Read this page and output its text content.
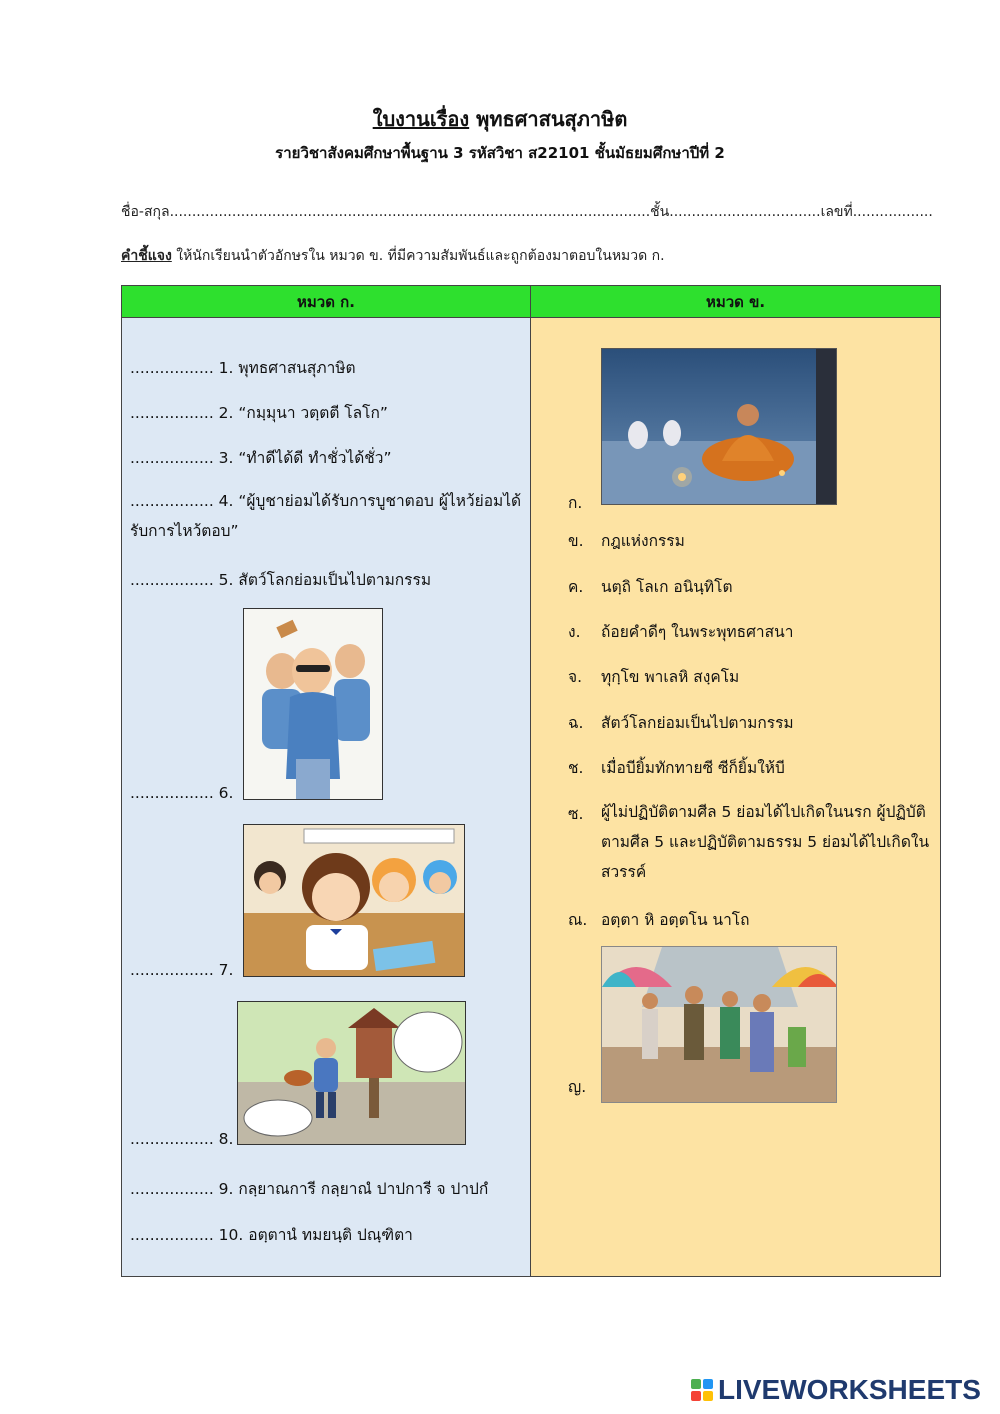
ใบงานเรื่อง พุทธศาสนสุภาษิต
รายวิชาสังคมศึกษาพื้นฐาน 3 รหัสวิชา ส22101 ชั้นมัธยมศึกษาปีที่ 2
ชื่อ-สกุล............................................................................................................ชั้น..................................เลขที่..................
คำชี้แจง ให้นักเรียนนำตัวอักษรใน หมวด ข. ที่มีความสัมพันธ์และถูกต้องมาตอบในหมวด ก.
หมวด ก.	หมวด ข.
................. 1. พุทธศาสนสุภาษิต
................. 2. “กมฺมุนา วตฺตตี โลโก”
................. 3. “ทำดีได้ดี ทำชั่วได้ชั่ว”
................. 4. “ผู้บูชาย่อมได้รับการบูชาตอบ ผู้ไหว้ย่อมได้รับการไหว้ตอบ”
................. 5. สัตว์โลกย่อมเป็นไปตามกรรม
................. 6.
................. 7.
................. 8.
................. 9. กลฺยาณการี กลฺยาณํ ปาปการี จ ปาปกํ
................. 10. อตฺตานํ ทมยนฺติ ปณฺฑิตา
ก.
ข.	กฎแห่งกรรม
ค.	นตฺถิ โลเก อนินฺทิโต
ง.	ถ้อยคำดีๆ ในพระพุทธศาสนา
จ.	ทุกฺโข พาเลหิ สงฺคโม
ฉ.	สัตว์โลกย่อมเป็นไปตามกรรม
ช.	เมื่อบียิ้มทักทายซี ซีก็ยิ้มให้บี
ซ.	ผู้ไม่ปฏิบัติตามศีล 5 ย่อมได้ไปเกิดในนรก ผู้ปฏิบัติตามศีล 5 และปฏิบัติตามธรรม 5 ย่อมได้ไปเกิดในสวรรค์
ณ. อตฺตา หิ อตฺตโน นาโถ
ญ.
LIVEWORKSHEETS
